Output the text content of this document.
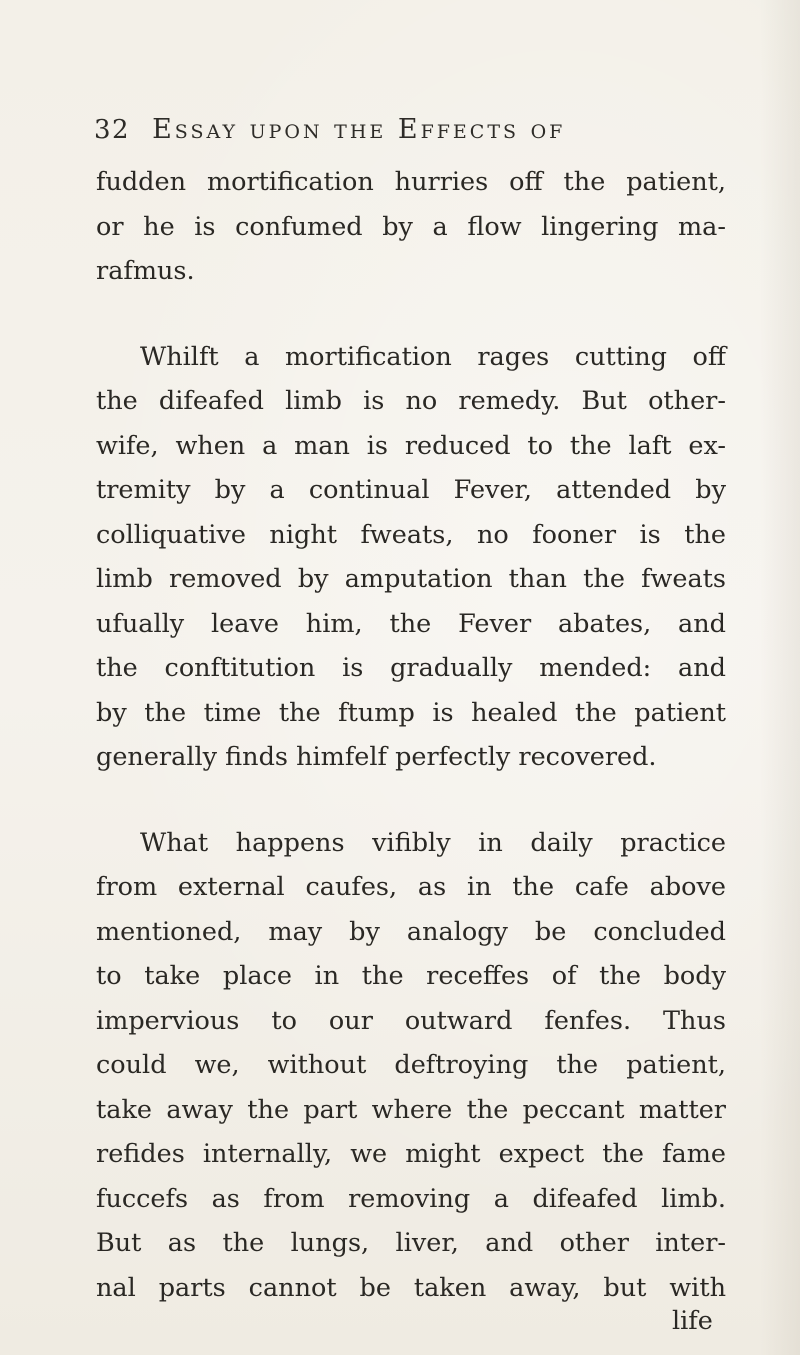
32 Essay upon the Effects of
fudden mortification hurries off the patient,
or he is confumed by a flow lingering ma-
rafmus.
Whilft a mortification rages cutting off
the difeafed limb is no remedy. But other-
wife, when a man is reduced to the laft ex-
tremity by a continual Fever, attended by
colliquative night fweats, no fooner is the
limb removed by amputation than the fweats
ufually leave him, the Fever abates, and
the conftitution is gradually mended: and
by the time the ftump is healed the patient
generally finds himfelf perfectly recovered.
What happens vifibly in daily practice
from external caufes, as in the cafe above
mentioned, may by analogy be concluded
to take place in the receffes of the body
impervious to our outward fenfes. Thus
could we, without deftroying the patient,
take away the part where the peccant matter
refides internally, we might expect the fame
fuccefs as from removing a difeafed limb.
But as the lungs, liver, and other inter-
nal parts cannot be taken away, but with
life
